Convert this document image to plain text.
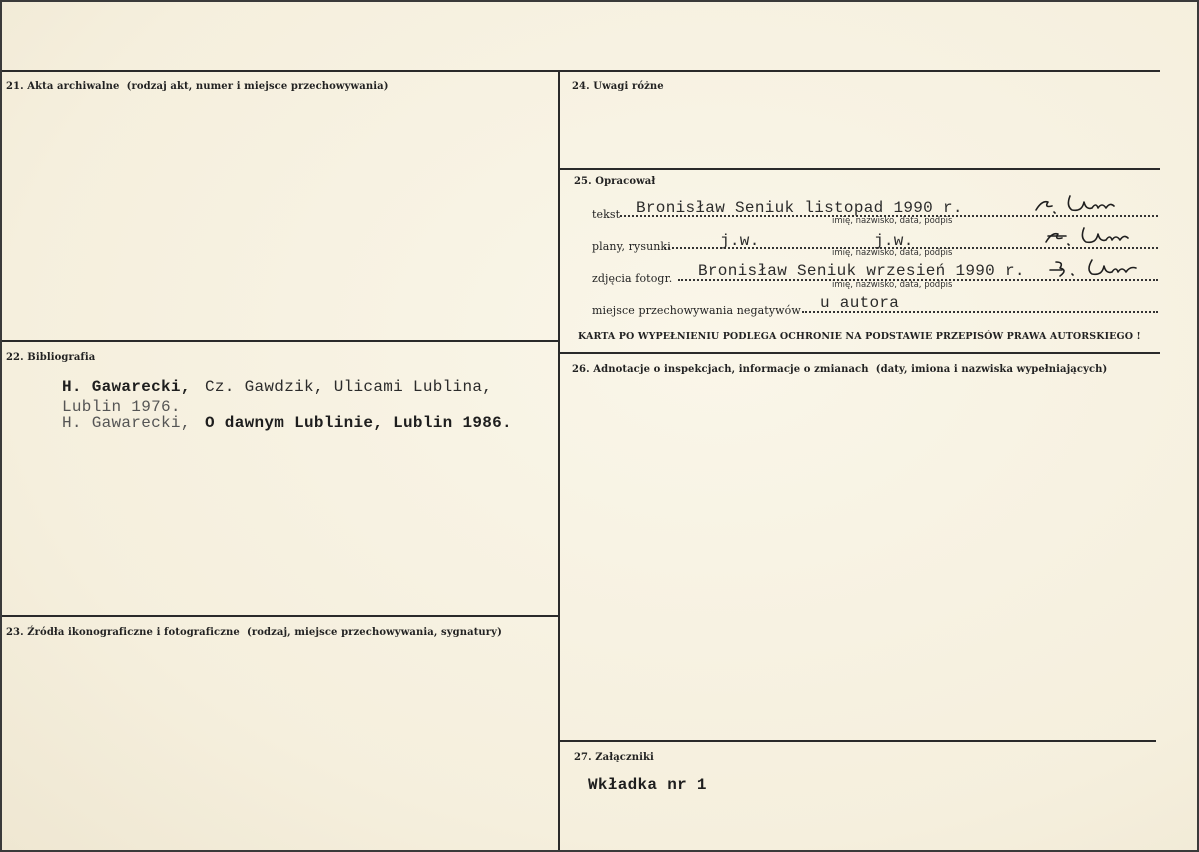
21. Akta archiwalne (rodzaj akt, numer i miejsce przechowywania)
22. Bibliografia
H. Gawarecki, Cz. Gawdzik, Ulicami Lublina,
Lublin 1976.
H. Gawarecki, O dawnym Lublinie, Lublin 1986.
23. Źródła ikonograficzne i fotograficzne (rodzaj, miejsce przechowywania, sygnatury)
24. Uwagi różne
25. Opracował
tekst Bronisław Seniuk listopad 1990 r.
imię, nazwisko, data, podpis
plany, rysunki	j.w.	j.w.
imię, nazwisko, data, podpis
zdjęcia fotogr. Bronisław Seniuk wrzesień 1990 r.
imię, nazwisko, data, podpis
miejsce przechowywania negatywów u autora
KARTA PO WYPEŁNIENIU PODLEGA OCHRONIE NA PODSTAWIE PRZEPISÓW PRAWA AUTORSKIEGO !
26. Adnotacje o inspekcjach, informacje o zmianach (daty, imiona i nazwiska wypełniających)
27. Załączniki
Wkładka nr 1
